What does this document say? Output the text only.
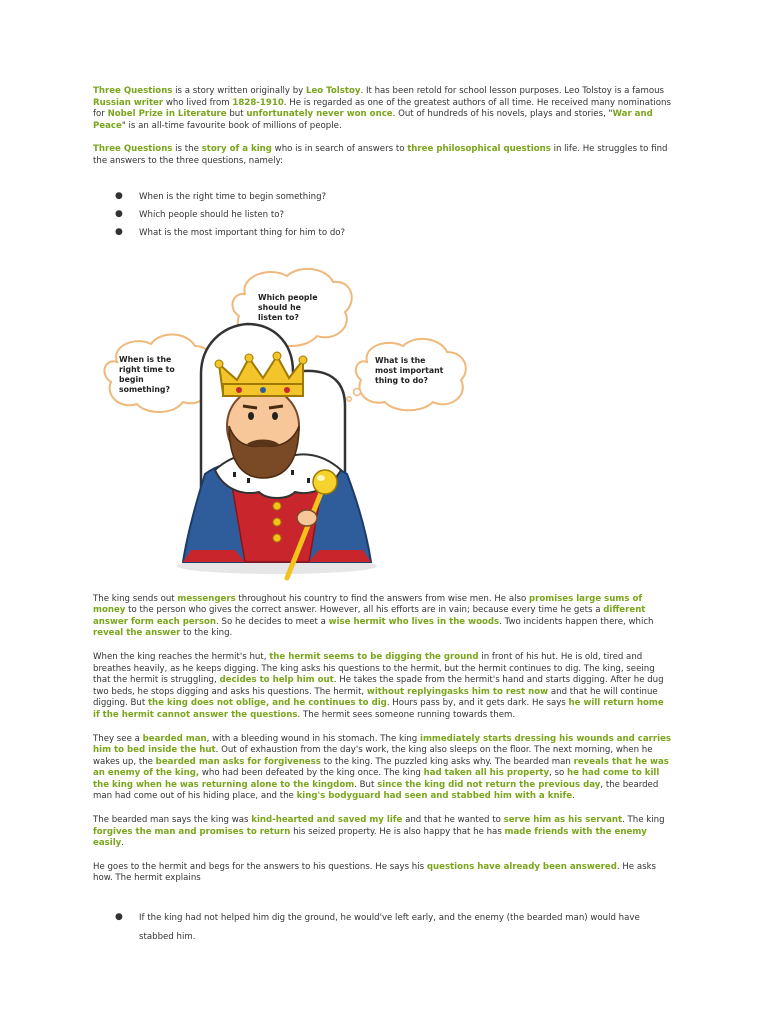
Three Questions is a story written originally by Leo Tolstoy. It has been retold for school lesson purposes. Leo Tolstoy is a famous Russian writer who lived from 1828-1910. He is regarded as one of the greatest authors of all time. He received many nominations for Nobel Prize in Literature but unfortunately never won once. Out of hundreds of his novels, plays and stories, "War and Peace" is an all-time favourite book of millions of people.

Three Questions is the story of a king who is in search of answers to three philosophical questions in life. He struggles to find the answers to the three questions, namely:

● When is the right time to begin something?
● Which people should he listen to?
● What is the most important thing for him to do?
Which people
should he
listen to?
When is the
right time to
begin
something?
What is the
most important
thing to do?

The king sends out messengers throughout his country to find the answers from wise men. He also promises large sums of money to the person who gives the correct answer. However, all his efforts are in vain; because every time he gets a different answer form each person. So he decides to meet a wise hermit who lives in the woods. Two incidents happen there, which reveal the answer to the king.

When the king reaches the hermit's hut, the hermit seems to be digging the ground in front of his hut. He is old, tired and breathes heavily, as he keeps digging. The king asks his questions to the hermit, but the hermit continues to dig. The king, seeing that the hermit is struggling, decides to help him out. He takes the spade from the hermit's hand and starts digging. After he dug two beds, he stops digging and asks his questions. The hermit, without replyingasks him to rest now and that he will continue digging. But the king does not oblige, and he continues to dig. Hours pass by, and it gets dark. He says he will return home if the hermit cannot answer the questions. The hermit sees someone running towards them.

They see a bearded man, with a bleeding wound in his stomach. The king immediately starts dressing his wounds and carries him to bed inside the hut. Out of exhaustion from the day's work, the king also sleeps on the floor. The next morning, when he wakes up, the bearded man asks for forgiveness to the king. The puzzled king asks why. The bearded man reveals that he was an enemy of the king, who had been defeated by the king once. The king had taken all his property, so he had come to kill the king when he was returning alone to the kingdom. But since the king did not return the previous day, the bearded man had come out of his hiding place, and the king's bodyguard had seen and stabbed him with a knife.

The bearded man says the king was kind-hearted and saved my life and that he wanted to serve him as his servant. The king forgives the man and promises to return his seized property. He is also happy that he has made friends with the enemy easily.

He goes to the hermit and begs for the answers to his questions. He says his questions have already been answered. He asks how. The hermit explains

● If the king had not helped him dig the ground, he would've left early, and the enemy (the bearded man) would have stabbed him.
